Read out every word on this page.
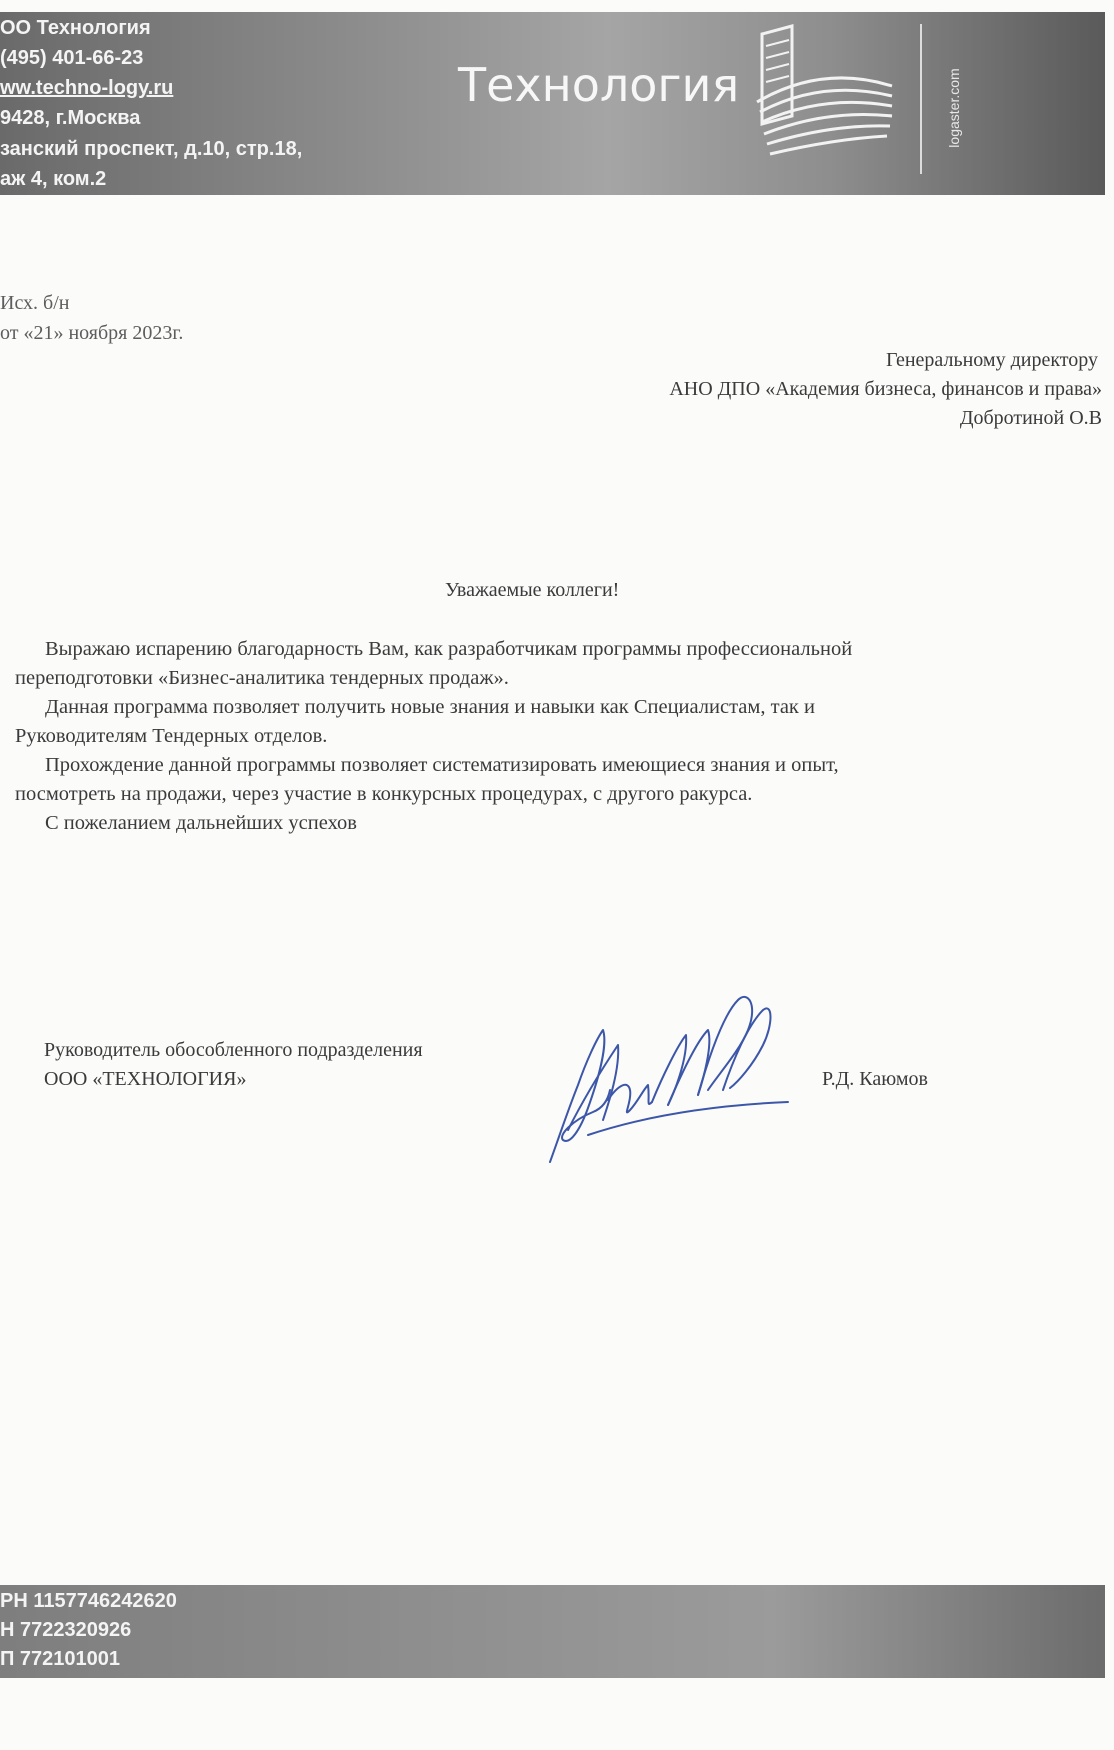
ОО Технология
(495) 401-66-23
ww.techno-logy.ru
9428, г.Москва
занский проспект, д.10, стр.18,
аж 4, ком.2
Технология	logaster.com
Исх. б/н
от «21» ноября 2023г.
Генеральному директору
АНО ДПО «Академия бизнеса, финансов и права»
Добротиной О.В
Уважаемые коллеги!
Выражаю испарению благодарность Вам, как разработчикам программы профессиональной
переподготовки «Бизнес-аналитика тендерных продаж».
Данная программа позволяет получить новые знания и навыки как Специалистам, так и
Руководителям Тендерных отделов.
Прохождение данной программы позволяет систематизировать имеющиеся знания и опыт,
посмотреть на продажи, через участие в конкурсных процедурах, с другого ракурса.
С пожеланием дальнейших успехов
Руководитель обособленного подразделения
ООО «ТЕХНОЛОГИЯ»	Р.Д. Каюмов
РН 1157746242620
Н 7722320926
П 772101001
